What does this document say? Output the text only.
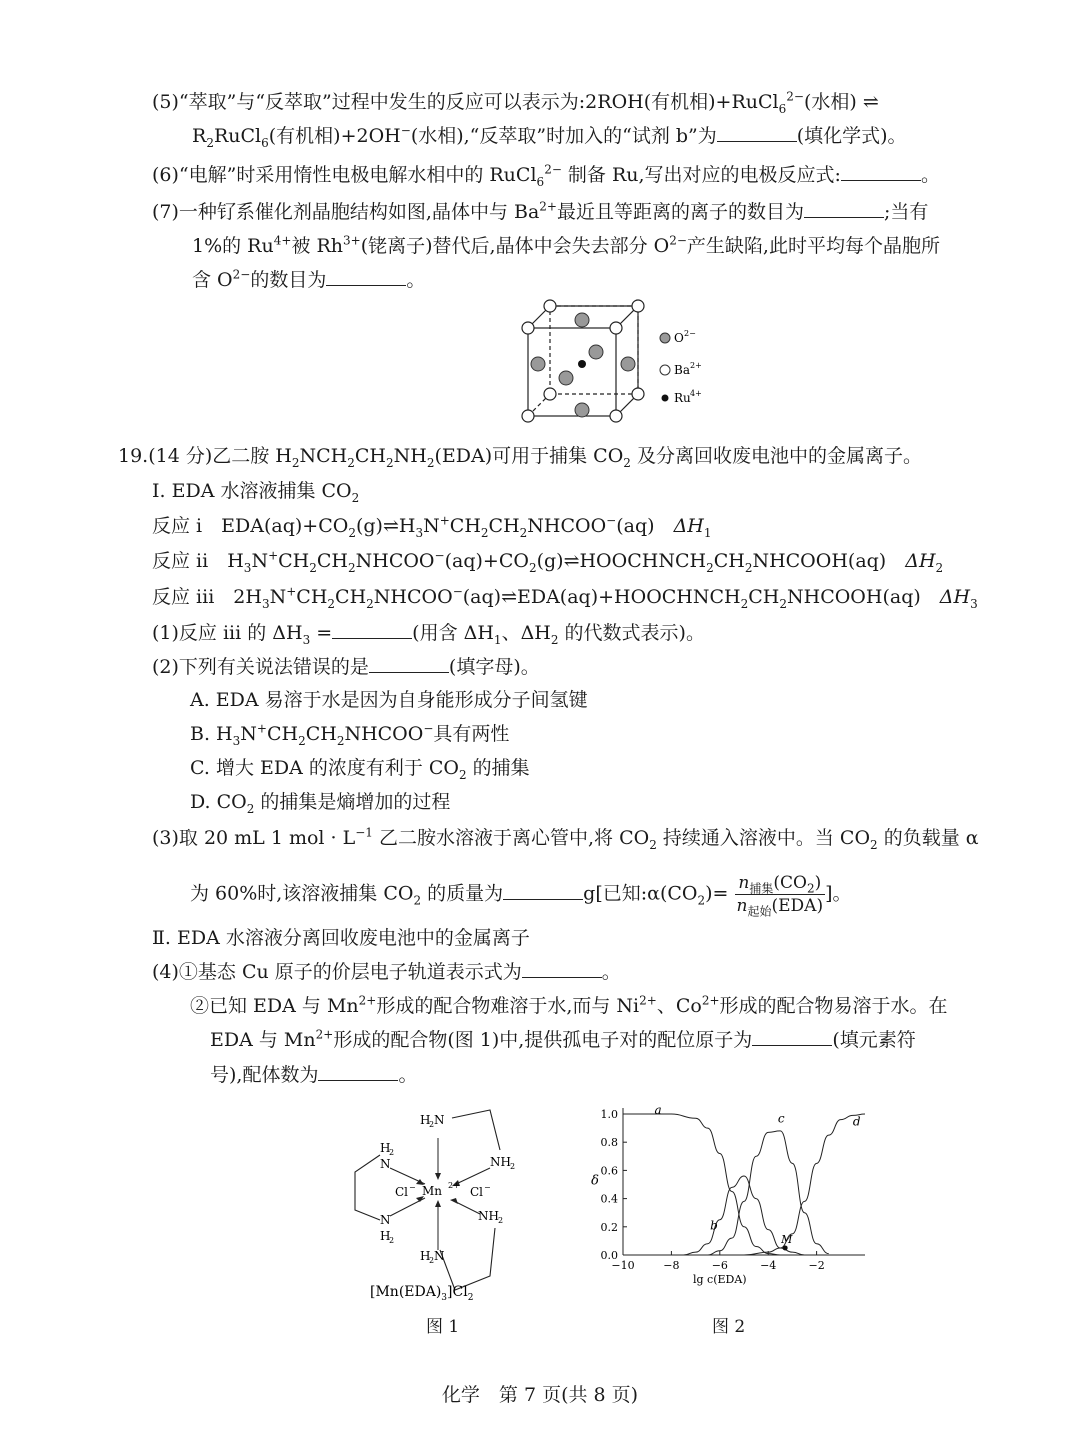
(5)“萃取”与“反萃取”过程中发生的反应可以表示为:2ROH(有机相)+RuCl$_6^{2-}$(水相) ⇌
$R_2RuCl_6$(有机相)+2OH−(水相),“反萃取”时加入的“试剂 b”为	(填化学式)。
(6)“电解”时采用惰性电极电解水相中的 RuCl$_6^{2-}$ 制备 Ru,写出对应的电极反应式:	。
(7)一种钌系催化剂晶胞结构如图,晶体中与 $Ba^{2+}$最近且等距离的离子的数目为	;当有
1%的 $Ru^{4+}$被 $Rh^{3+}$(铑离子)替代后,晶体中会失去部分 $O^{2-}$产生缺陷,此时平均每个晶胞所
含 $O^{2-}$的数目为	。
O 2−
Ba 2+
Ru 4+
19.(14 分)乙二胺 $H_2NCH_2CH_2NH_2(EDA)$可用于捕集 $CO_2$ 及分离回收废电池中的金属离子。
Ⅰ. EDA 水溶液捕集 $CO_2$
反应 i　 $EDA(aq)+CO_2(g)\rightleftharpoons H_3N^+CH_2CH_2NHCOO^-(aq)$　 $\Delta H_1$
反应 ii　 $H_3N^+CH_2CH_2NHCOO^-(aq)+CO_2(g)\rightleftharpoons HOOCHNCH_2CH_2NHCOOH(aq)$　 $\Delta H_2$
反应 iii　 $2H_3N^+CH_2CH_2NHCOO^-(aq)\rightleftharpoons EDA(aq)+HOOCHNCH_2CH_2NHCOOH(aq)$　 $\Delta H_3$
(1)反应 iii 的 $\Delta H_3$ =	(用含 $\Delta H_1$、$\Delta H_2$ 的代数式表示)。
(2)下列有关说法错误的是	(填字母)。
A. EDA 易溶于水是因为自身能形成分子间氢键
B. $H_3N^+CH_2CH_2NHCOO^-$具有两性
C. 增大 EDA 的浓度有利于 $CO_2$ 的捕集
D. $CO_2$ 的捕集是熵增加的过程
(3)取 20 mL 1 mol · $L^{-1}$ 乙二胺水溶液于离心管中,将 $CO_2$ 持续通入溶液中。当 $CO_2$ 的负载量 α
为 60%时,该溶液捕集 $CO_2$ 的质量为	g[已知$:\alpha(CO_2)= \frac{n_{捕集}(CO_2)}{n_{起始}(EDA)}$ ]。
Ⅱ. EDA 水溶液分离回收废电池中的金属离子
(4)①基态 Cu 原子的价层电子轨道表示式为	。
②已知 EDA 与 $Mn^{2+}$形成的配合物难溶于水,而与 $Ni^{2+}$、$Co^{2+}$形成的配合物易溶于水。在
EDA 与 $Mn^{2+}$形成的配合物(图 1)中,提供孤电子对的配位原子为	(填元素符
号),配体数为	。
Mn 2+
Cl −	Cl −
H
2 N
NH 2
H
2
N
N
H
2
NH 2
H
2 N
$[Mn(EDA)_3]Cl_2$
图 1
0.0
0.2
0.4
0.6
0.8
1.0
−10	−8	−6	−4	−2
lg c(EDA)
δ
a
b
c	d
M
图 2
化学　第 7 页(共 8 页)
